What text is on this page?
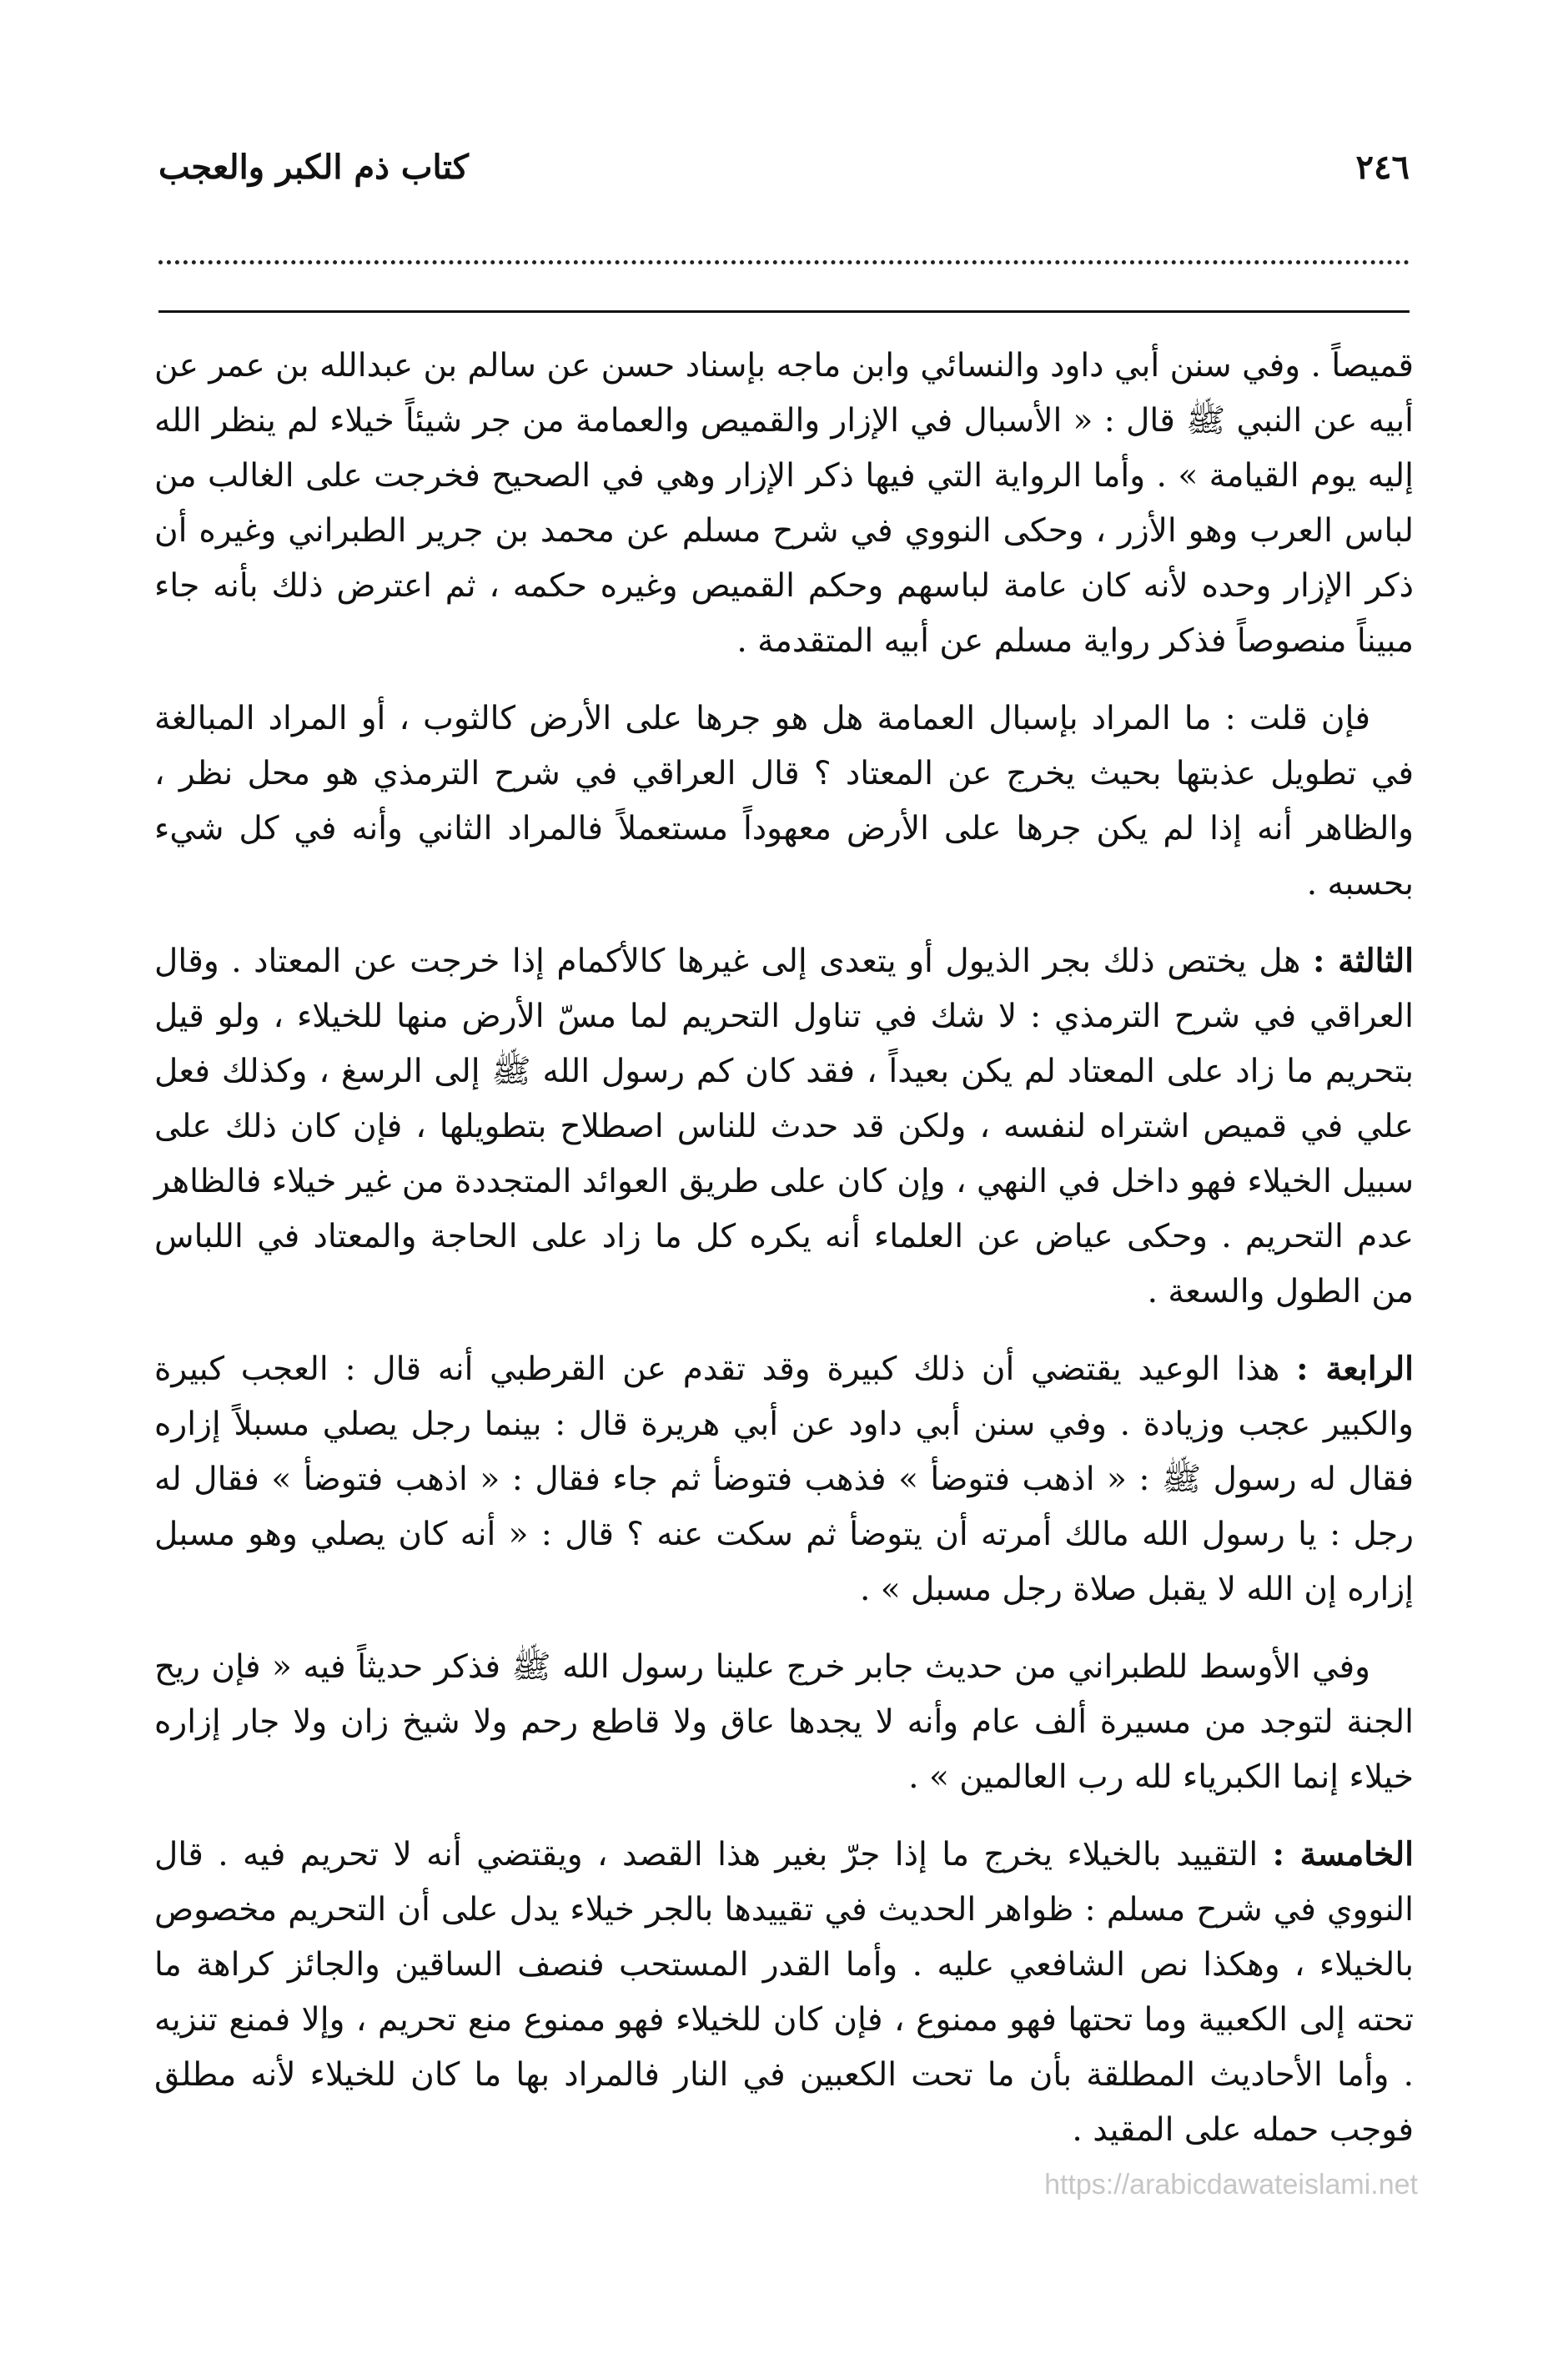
٢٤٦
كتاب ذم الكبر والعجب

قميصاً . وفي سنن أبي داود والنسائي وابن ماجه بإسناد حسن عن سالم بن عبدالله بن عمر عن أبيه عن النبي ﷺ قال : « الأسبال في الإزار والقميص والعمامة من جر شيئاً خيلاء لم ينظر الله إليه يوم القيامة » . وأما الرواية التي فيها ذكر الإزار وهي في الصحيح فخرجت على الغالب من لباس العرب وهو الأزر ، وحكى النووي في شرح مسلم عن محمد بن جرير الطبراني وغيره أن ذكر الإزار وحده لأنه كان عامة لباسهم وحكم القميص وغيره حكمه ، ثم اعترض ذلك بأنه جاء مبيناً منصوصاً فذكر رواية مسلم عن أبيه المتقدمة .

فإن قلت : ما المراد بإسبال العمامة هل هو جرها على الأرض كالثوب ، أو المراد المبالغة في تطويل عذبتها بحيث يخرج عن المعتاد ؟ قال العراقي في شرح الترمذي هو محل نظر ، والظاهر أنه إذا لم يكن جرها على الأرض معهوداً مستعملاً فالمراد الثاني وأنه في كل شيء بحسبه .

الثالثة : هل يختص ذلك بجر الذيول أو يتعدى إلى غيرها كالأكمام إذا خرجت عن المعتاد . وقال العراقي في شرح الترمذي : لا شك في تناول التحريم لما مسّ الأرض منها للخيلاء ، ولو قيل بتحريم ما زاد على المعتاد لم يكن بعيداً ، فقد كان كم رسول الله ﷺ إلى الرسغ ، وكذلك فعل علي في قميص اشتراه لنفسه ، ولكن قد حدث للناس اصطلاح بتطويلها ، فإن كان ذلك على سبيل الخيلاء فهو داخل في النهي ، وإن كان على طريق العوائد المتجددة من غير خيلاء فالظاهر عدم التحريم . وحكى عياض عن العلماء أنه يكره كل ما زاد على الحاجة والمعتاد في اللباس من الطول والسعة .

الرابعة : هذا الوعيد يقتضي أن ذلك كبيرة وقد تقدم عن القرطبي أنه قال : العجب كبيرة والكبير عجب وزيادة . وفي سنن أبي داود عن أبي هريرة قال : بينما رجل يصلي مسبلاً إزاره فقال له رسول ﷺ : « اذهب فتوضأ » فذهب فتوضأ ثم جاء فقال : « اذهب فتوضأ » فقال له رجل : يا رسول الله مالك أمرته أن يتوضأ ثم سكت عنه ؟ قال : « أنه كان يصلي وهو مسبل إزاره إن الله لا يقبل صلاة رجل مسبل » .

وفي الأوسط للطبراني من حديث جابر خرج علينا رسول الله ﷺ فذكر حديثاً فيه « فإن ريح الجنة لتوجد من مسيرة ألف عام وأنه لا يجدها عاق ولا قاطع رحم ولا شيخ زان ولا جار إزاره خيلاء إنما الكبرياء لله رب العالمين » .

الخامسة : التقييد بالخيلاء يخرج ما إذا جرّ بغير هذا القصد ، ويقتضي أنه لا تحريم فيه . قال النووي في شرح مسلم : ظواهر الحديث في تقييدها بالجر خيلاء يدل على أن التحريم مخصوص بالخيلاء ، وهكذا نص الشافعي عليه . وأما القدر المستحب فنصف الساقين والجائز كراهة ما تحته إلى الكعبية وما تحتها فهو ممنوع ، فإن كان للخيلاء فهو ممنوع منع تحريم ، وإلا فمنع تنزيه . وأما الأحاديث المطلقة بأن ما تحت الكعبين في النار فالمراد بها ما كان للخيلاء لأنه مطلق فوجب حمله على المقيد .

https://arabicdawateislami.net
